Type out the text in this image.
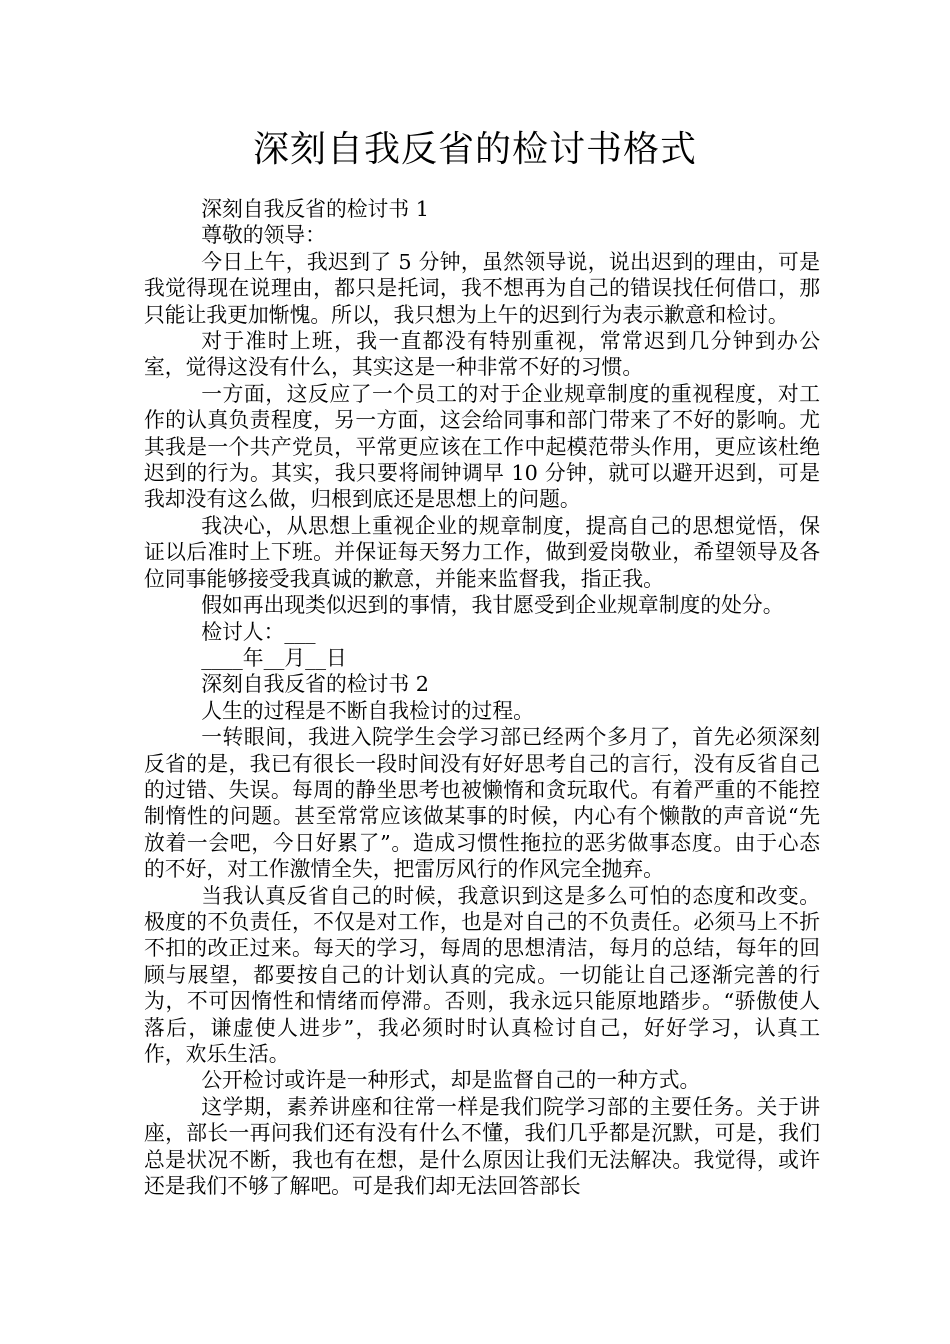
深刻自我反省的检讨书格式

深刻自我反省的检讨书 1

尊敬的领导：

今日上午，我迟到了 5 分钟，虽然领导说，说出迟到的理由，可是我觉得现在说理由，都只是托词，我不想再为自己的错误找任何借口，那只能让我更加惭愧。所以，我只想为上午的迟到行为表示歉意和检讨。

对于准时上班，我一直都没有特别重视，常常迟到几分钟到办公室，觉得这没有什么，其实这是一种非常不好的习惯。

一方面，这反应了一个员工的对于企业规章制度的重视程度，对工作的认真负责程度，另一方面，这会给同事和部门带来了不好的影响。尤其我是一个共产党员，平常更应该在工作中起模范带头作用，更应该杜绝迟到的行为。其实，我只要将闹钟调早 10 分钟，就可以避开迟到，可是我却没有这么做，归根到底还是思想上的问题。

我决心，从思想上重视企业的规章制度，提高自己的思想觉悟，保证以后准时上下班。并保证每天努力工作，做到爱岗敬业，希望领导及各位同事能够接受我真诚的歉意，并能来监督我，指正我。

假如再出现类似迟到的事情，我甘愿受到企业规章制度的处分。

检讨人：___

____年__月__日

深刻自我反省的检讨书 2

人生的过程是不断自我检讨的过程。

一转眼间，我进入院学生会学习部已经两个多月了，首先必须深刻反省的是，我已有很长一段时间没有好好思考自己的言行，没有反省自己的过错、失误。每周的静坐思考也被懒惰和贪玩取代。有着严重的不能控制惰性的问题。甚至常常应该做某事的时候，内心有个懒散的声音说“先放着一会吧，今日好累了”。造成习惯性拖拉的恶劣做事态度。由于心态的不好，对工作激情全失，把雷厉风行的作风完全抛弃。

当我认真反省自己的时候，我意识到这是多么可怕的态度和改变。极度的不负责任，不仅是对工作，也是对自己的不负责任。必须马上不折不扣的改正过来。每天的学习，每周的思想清洁，每月的总结，每年的回顾与展望，都要按自己的计划认真的完成。一切能让自己逐渐完善的行为，不可因惰性和情绪而停滞。否则，我永远只能原地踏步。“骄傲使人落后，谦虚使人进步”，我必须时时认真检讨自己，好好学习，认真工作，欢乐生活。

公开检讨或许是一种形式，却是监督自己的一种方式。

这学期，素养讲座和往常一样是我们院学习部的主要任务。关于讲座，部长一再问我们还有没有什么不懂，我们几乎都是沉默，可是，我们总是状况不断，我也有在想，是什么原因让我们无法解决。我觉得，或许还是我们不够了解吧。可是我们却无法回答部长
